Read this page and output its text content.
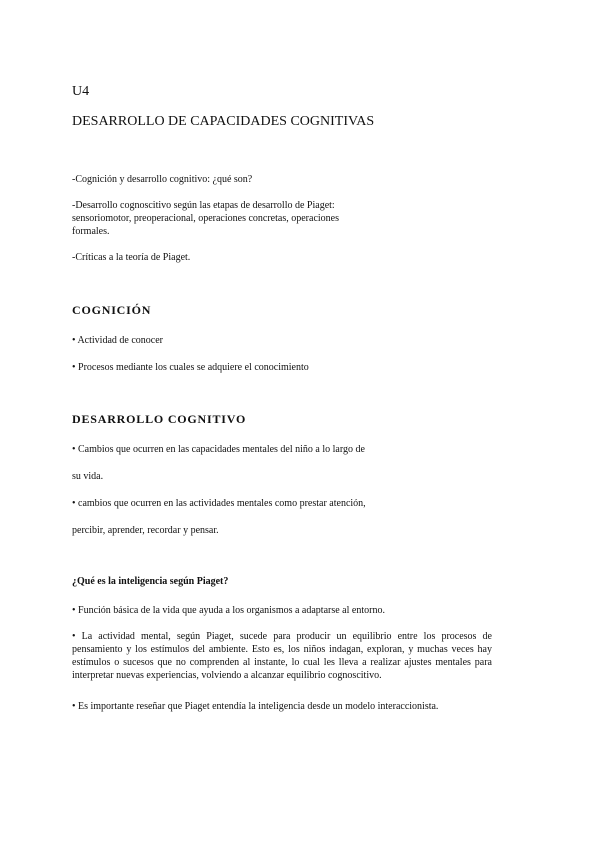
U4

DESARROLLO DE CAPACIDADES COGNITIVAS

-Cognición y desarrollo cognitivo: ¿qué son?

-Desarrollo cognoscitivo según las etapas de desarrollo de Piaget: sensoriomotor, preoperacional, operaciones concretas, operaciones formales.

-Críticas a la teoría de Piaget.

COGNICIÓN

• Actividad de conocer

• Procesos mediante los cuales se adquiere el conocimiento

DESARROLLO COGNITIVO

• Cambios que ocurren en las capacidades mentales del niño a lo largo de

su vida.

• cambios que ocurren en las actividades mentales como prestar atención,

percibir, aprender, recordar y pensar.

¿Qué es la inteligencia según Piaget?

• Función básica de la vida que ayuda a los organismos a adaptarse al entorno.

• La actividad mental, según Piaget, sucede para producir un equilibrio entre los procesos de pensamiento y los estímulos del ambiente. Esto es, los niños indagan, exploran, y muchas veces hay estímulos o sucesos que no comprenden al instante, lo cual les lleva a realizar ajustes mentales para interpretar nuevas experiencias, volviendo a alcanzar equilibrio cognoscitivo.

• Es importante reseñar que Piaget entendía la inteligencia desde un modelo interaccionista.
